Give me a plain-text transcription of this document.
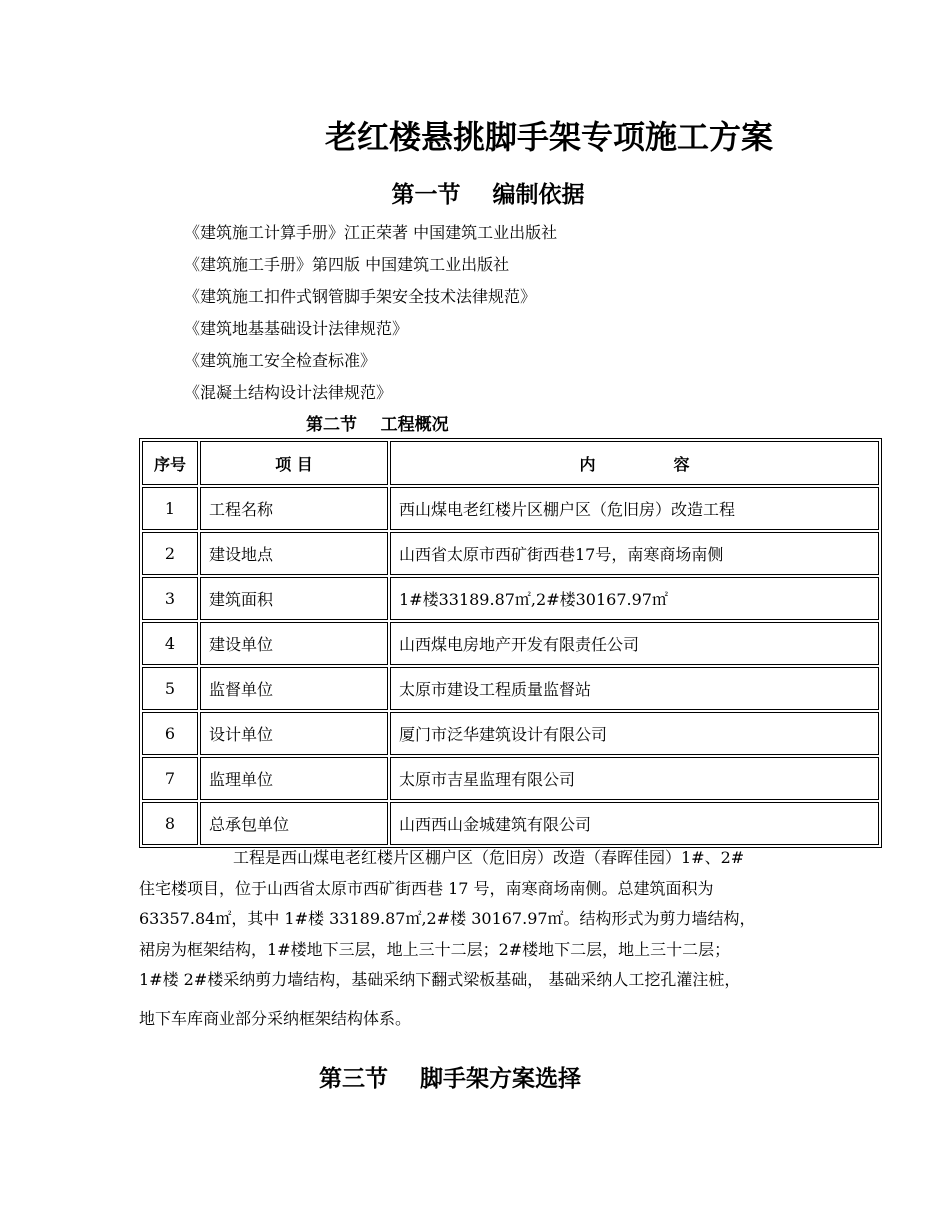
老红楼悬挑脚手架专项施工方案
第一节    编制依据
《建筑施工计算手册》江正荣著 中国建筑工业出版社
《建筑施工手册》第四版 中国建筑工业出版社
《建筑施工扣件式钢管脚手架安全技术法律规范》
《建筑地基基础设计法律规范》
《建筑施工安全检查标准》
《混凝土结构设计法律规范》
第二节    工程概况
序号	项 目	内              容
1	工程名称	西山煤电老红楼片区棚户区（危旧房）改造工程
2	建设地点	山西省太原市西矿街西巷17号，南寒商场南侧
3	建筑面积	1#楼33189.87㎡,2#楼30167.97㎡
4	建设单位	山西煤电房地产开发有限责任公司
5	监督单位	太原市建设工程质量监督站
6	设计单位	厦门市泛华建筑设计有限公司
7	监理单位	太原市吉星监理有限公司
8	总承包单位	山西西山金城建筑有限公司
工程是西山煤电老红楼片区棚户区（危旧房）改造（春晖佳园）1#、2#
住宅楼项目，位于山西省太原市西矿街西巷 17 号，南寒商场南侧。总建筑面积为
63357.84㎡，其中 1#楼 33189.87㎡,2#楼 30167.97㎡。结构形式为剪力墙结构，
裙房为框架结构，1#楼地下三层，地上三十二层；2#楼地下二层，地上三十二层；
1#楼 2#楼采纳剪力墙结构，基础采纳下翻式梁板基础， 基础采纳人工挖孔灌注桩，
地下车库商业部分采纳框架结构体系。
第三节    脚手架方案选择
